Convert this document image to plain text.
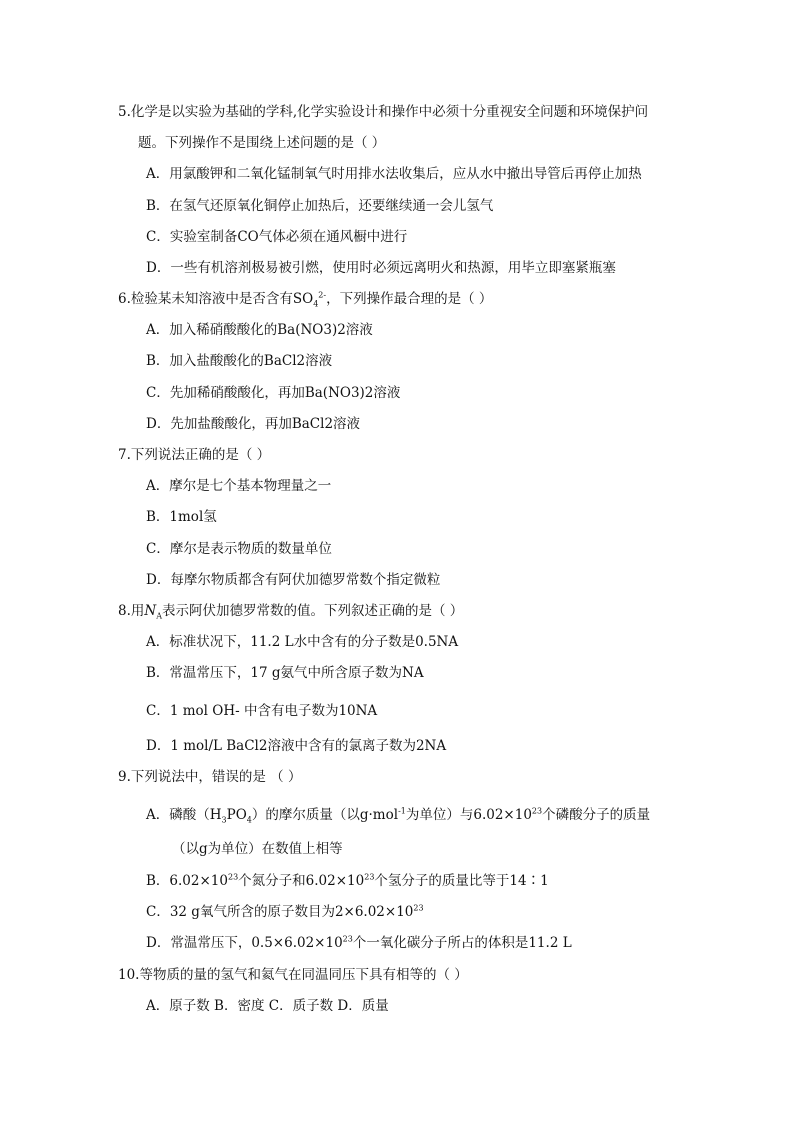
5.化学是以实验为基础的学科,化学实验设计和操作中必须十分重视安全问题和环境保护问
题。下列操作不是围绕上述问题的是（ ）
A．用氯酸钾和二氧化锰制氧气时用排水法收集后，应从水中撤出导管后再停止加热
B．在氢气还原氧化铜停止加热后，还要继续通一会儿氢气
C．实验室制备CO气体必须在通风橱中进行
D．一些有机溶剂极易被引燃，使用时必须远离明火和热源，用毕立即塞紧瓶塞
6.检验某未知溶液中是否含有$SO_4^{2-}$，下列操作最合理的是（ ）
A．加入稀硝酸酸化的Ba(NO3)2溶液
B．加入盐酸酸化的BaCl2溶液
C．先加稀硝酸酸化，再加Ba(NO3)2溶液
D．先加盐酸酸化，再加BaCl2溶液
7.下列说法正确的是（ ）
A．摩尔是七个基本物理量之一
B．1mol氢
C．摩尔是表示物质的数量单位
D．每摩尔物质都含有阿伏加德罗常数个指定微粒
8.用$N_A$表示阿伏加德罗常数的值。下列叙述正确的是（ ）
A．标准状况下，11.2 L水中含有的分子数是0.5NA
B．常温常压下，17 g氨气中所含原子数为NA
C．1 mol OH- 中含有电子数为10NA
D．1 mol/L BaCl2溶液中含有的氯离子数为2NA
9.下列说法中，错误的是 （ ）
A．磷酸$(H_3PO_4)$的摩尔质量（以g·mol$^{-1}$为单位）与$6.02\times 10^{23}$个磷酸分子的质量
（以g为单位）在数值上相等
B．$6.02\times 10^{23}$个氮分子和$6.02\times 10^{23}$个氢分子的质量比等于14∶1
C．32 g氧气所含的原子数目为$2\times 6.02\times 10^{23}$
D．常温常压下，$0.5\times 6.02\times 10^{23}$个一氧化碳分子所占的体积是11.2 L
10.等物质的量的氢气和氦气在同温同压下具有相等的（ ）
A．原子数 B．密度 C．质子数 D．质量
